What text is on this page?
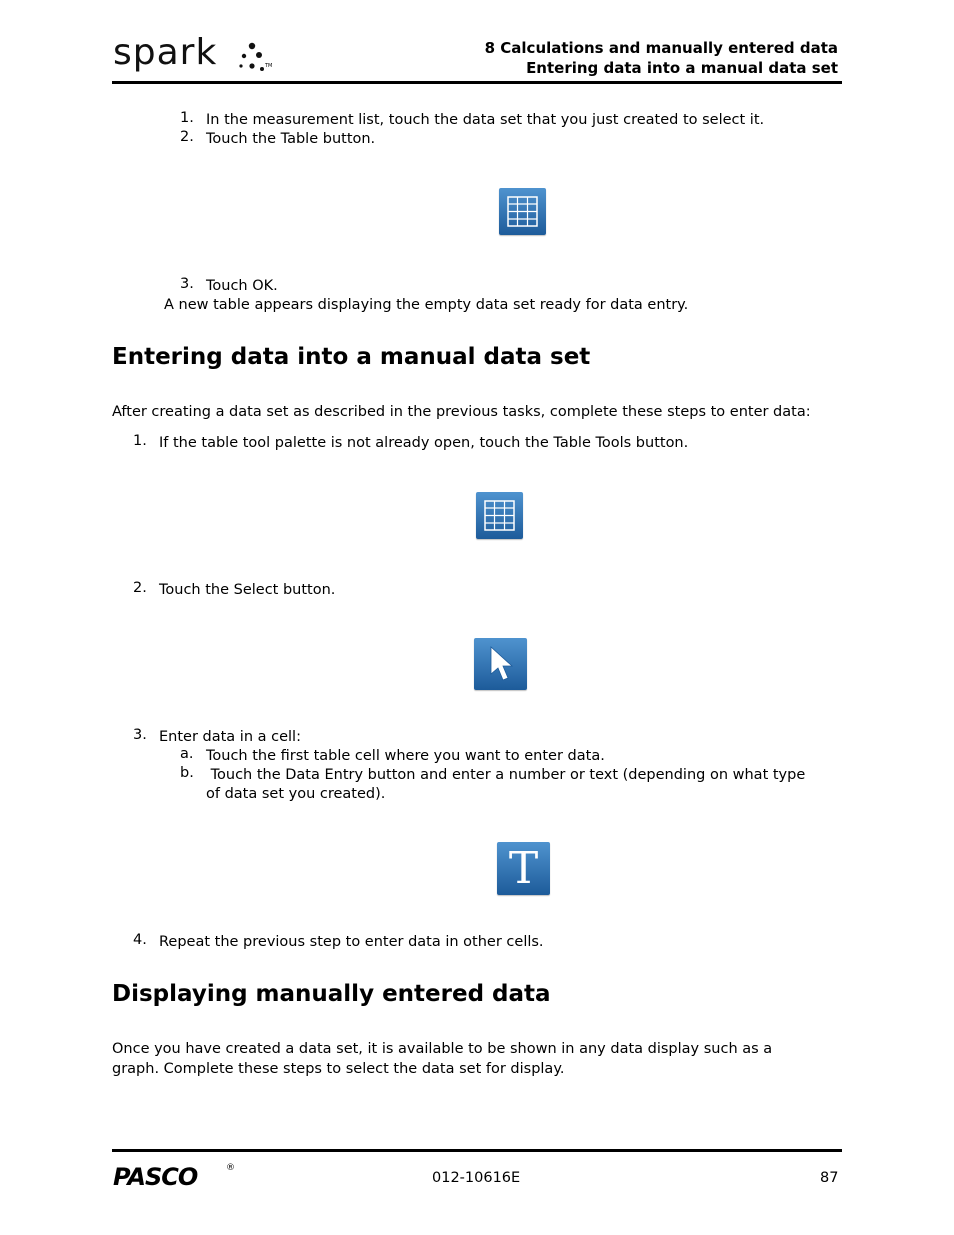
spark	TM
8 Calculations and manually entered data
Entering data into a manual data set
1. In the measurement list, touch the data set that you just created to select it.
2. Touch the Table button.
3. Touch OK.
A new table appears displaying the empty data set ready for data entry.
Entering data into a manual data set
After creating a data set as described in the previous tasks, complete these steps to enter data:
1. If the table tool palette is not already open, touch the Table Tools button.
2. Touch the Select button.
3. Enter data in a cell:
a. Touch the first table cell where you want to enter data.
b. Touch the Data Entry button and enter a number or text (depending on what type
of data set you created).
T
4. Repeat the previous step to enter data in other cells.
Displaying manually entered data
Once you have created a data set, it is available to be shown in any data display such as a
graph. Complete these steps to select the data set for display.
PASCO	®
012-10616E	87
